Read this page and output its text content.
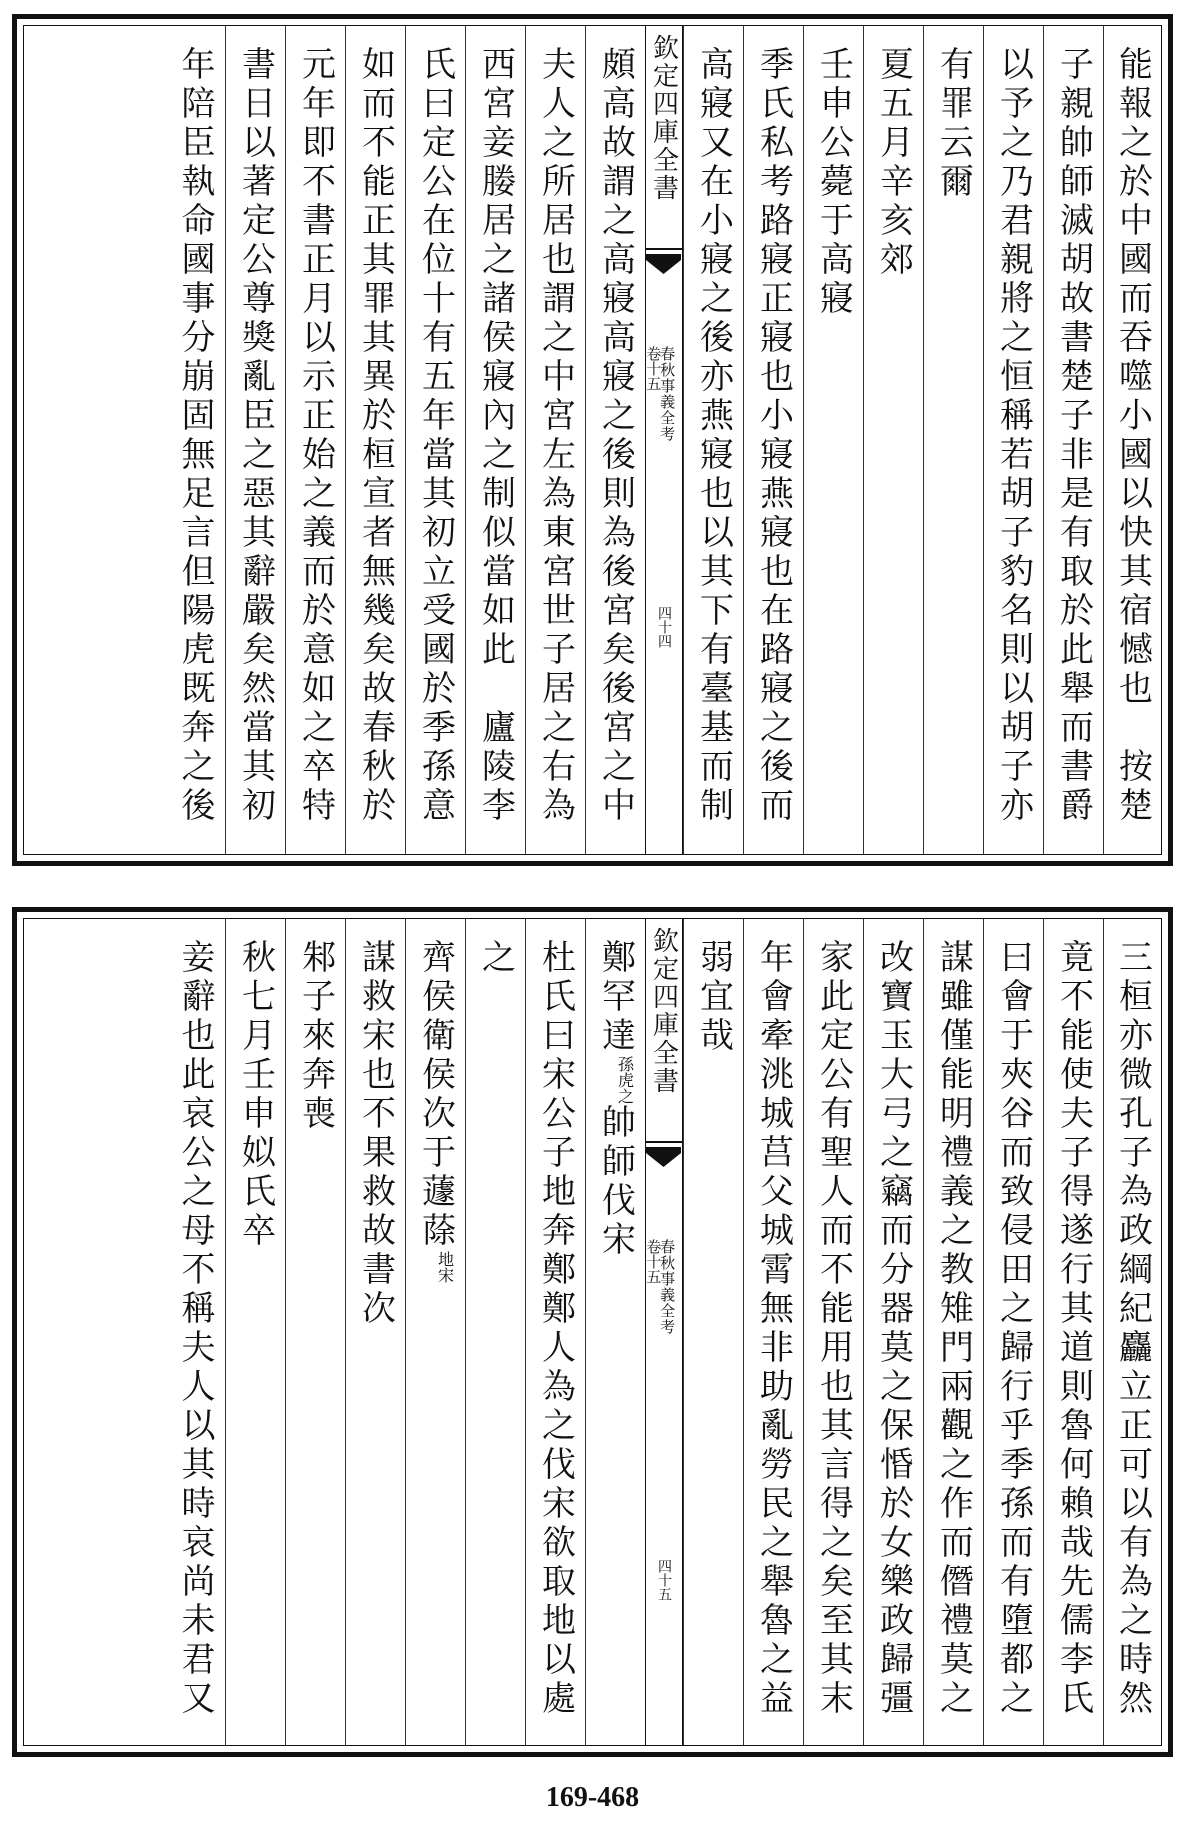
能報之於中國而吞噬小國以快其宿憾也　按楚
子親帥師滅胡故書楚子非是有取於此舉而書爵
以予之乃君親將之恒稱若胡子豹名則以胡子亦
有罪云爾
夏五月辛亥郊
壬申公薨于高寢
季氏私考路寢正寢也小寢燕寢也在路寢之後而
高寢又在小寢之後亦燕寢也以其下有臺基而制
欽定四庫全書
春秋事義全考
卷十五
四十四
頗高故謂之高寢高寢之後則為後宮矣後宮之中
夫人之所居也謂之中宮左為東宮世子居之右為
西宮妾媵居之諸侯寢內之制似當如此　廬陵李
氏曰定公在位十有五年當其初立受國於季孫意
如而不能正其罪其異於桓宣者無幾矣故春秋於
元年即不書正月以示正始之義而於意如之卒特
書日以著定公尊獎亂臣之惡其辭嚴矣然當其初
年陪臣執命國事分崩固無足言但陽虎既奔之後
三桓亦微孔子為政綱紀麤立正可以有為之時然
竟不能使夫子得遂行其道則魯何賴哉先儒李氏
曰會于夾谷而致侵田之歸行乎季孫而有墮都之
謀雖僅能明禮義之教雉門兩觀之作而僭禮莫之
改寶玉大弓之竊而分器莫之保惛於女樂政歸彊
家此定公有聖人而不能用也其言得之矣至其末
年會牽洮城莒父城霄無非助亂勞民之舉魯之益
弱宜哉
欽定四庫全書
春秋事義全考
卷十五
四十五
鄭罕達
虎之
孫
帥師伐宋
杜氏曰宋公子地奔鄭鄭人為之伐宋欲取地以處
之
齊侯衛侯次于蘧蒢
宋
地
謀救宋也不果救故書次
邾子來奔喪
秋七月壬申姒氏卒
妾辭也此哀公之母不稱夫人以其時哀尚未君又
169-468
